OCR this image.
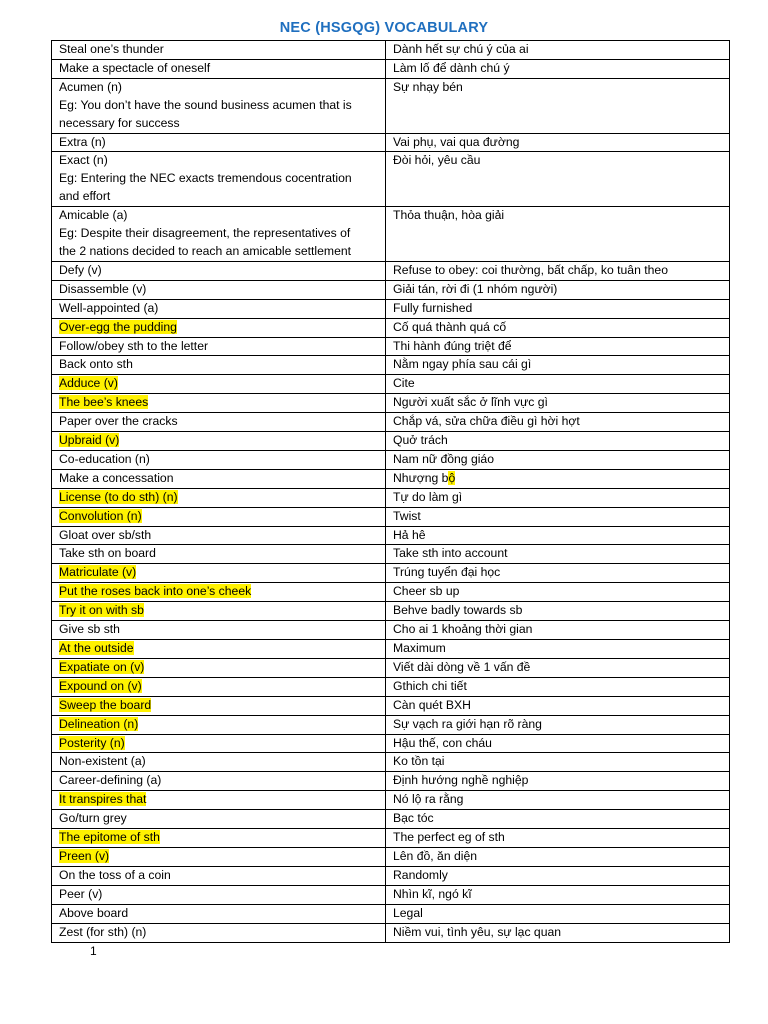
NEC (HSGQG) VOCABULARY
Steal one’s thunder	Dành hết sự chú ý của ai

Make a spectacle of oneself	Làm lố để dành chú ý

Acumen (n)
Eg: You don’t have the sound business acumen that is
necessary for success	Sự nhạy bén

Extra (n)	Vai phụ, vai qua đường

Exact (n)
Eg: Entering the NEC exacts tremendous cocentration
and effort	Đòi hỏi, yêu cầu

Amicable (a)
Eg: Despite their disagreement, the representatives of
the 2 nations decided to reach an amicable settlement	Thỏa thuận, hòa giải

Defy (v)	Refuse to obey: coi thường, bất chấp, ko tuân theo

Disassemble (v)	Giải tán, rời đi (1 nhóm người)

Well-appointed (a)	Fully furnished

Over-egg the pudding	Cố quá thành quá cố

Follow/obey sth to the letter	Thi hành đúng triệt để

Back onto sth	Nằm ngay phía sau cái gì

Adduce (v)	Cite

The bee’s knees	Người xuất sắc ở lĩnh vực gì

Paper over the cracks	Chắp vá, sửa chữa điều gì hời hợt

Upbraid (v)	Quở trách

Co-education (n)	Nam nữ đồng giáo

Make a concessation	Nhượng bộ

License (to do sth) (n)	Tự do làm gì

Convolution (n)	Twist

Gloat over sb/sth	Hả hê

Take sth on board	Take sth into account

Matriculate (v)	Trúng tuyển đại học

Put the roses back into one’s cheek	Cheer sb up

Try it on with sb	Behve badly towards sb

Give sb sth	Cho ai 1 khoảng thời gian

At the outside	Maximum

Expatiate on (v)	Viết dài dòng về 1 vấn đề

Expound on (v)	Gthich chi tiết

Sweep the board	Càn quét BXH

Delineation (n)	Sự vạch ra giới hạn rõ ràng

Posterity (n)	Hậu thế, con cháu

Non-existent (a)	Ko tồn tại

Career-defining (a)	Định hướng nghề nghiệp

It transpires that	Nó lộ ra rằng

Go/turn grey	Bạc tóc

The epitome of sth	The perfect eg of sth

Preen (v)	Lên đồ, ăn diện

On the toss of a coin	Randomly

Peer (v)	Nhìn kĩ, ngó kĩ

Above board	Legal

Zest (for sth) (n)	Niềm vui, tình yêu, sự lạc quan
1
